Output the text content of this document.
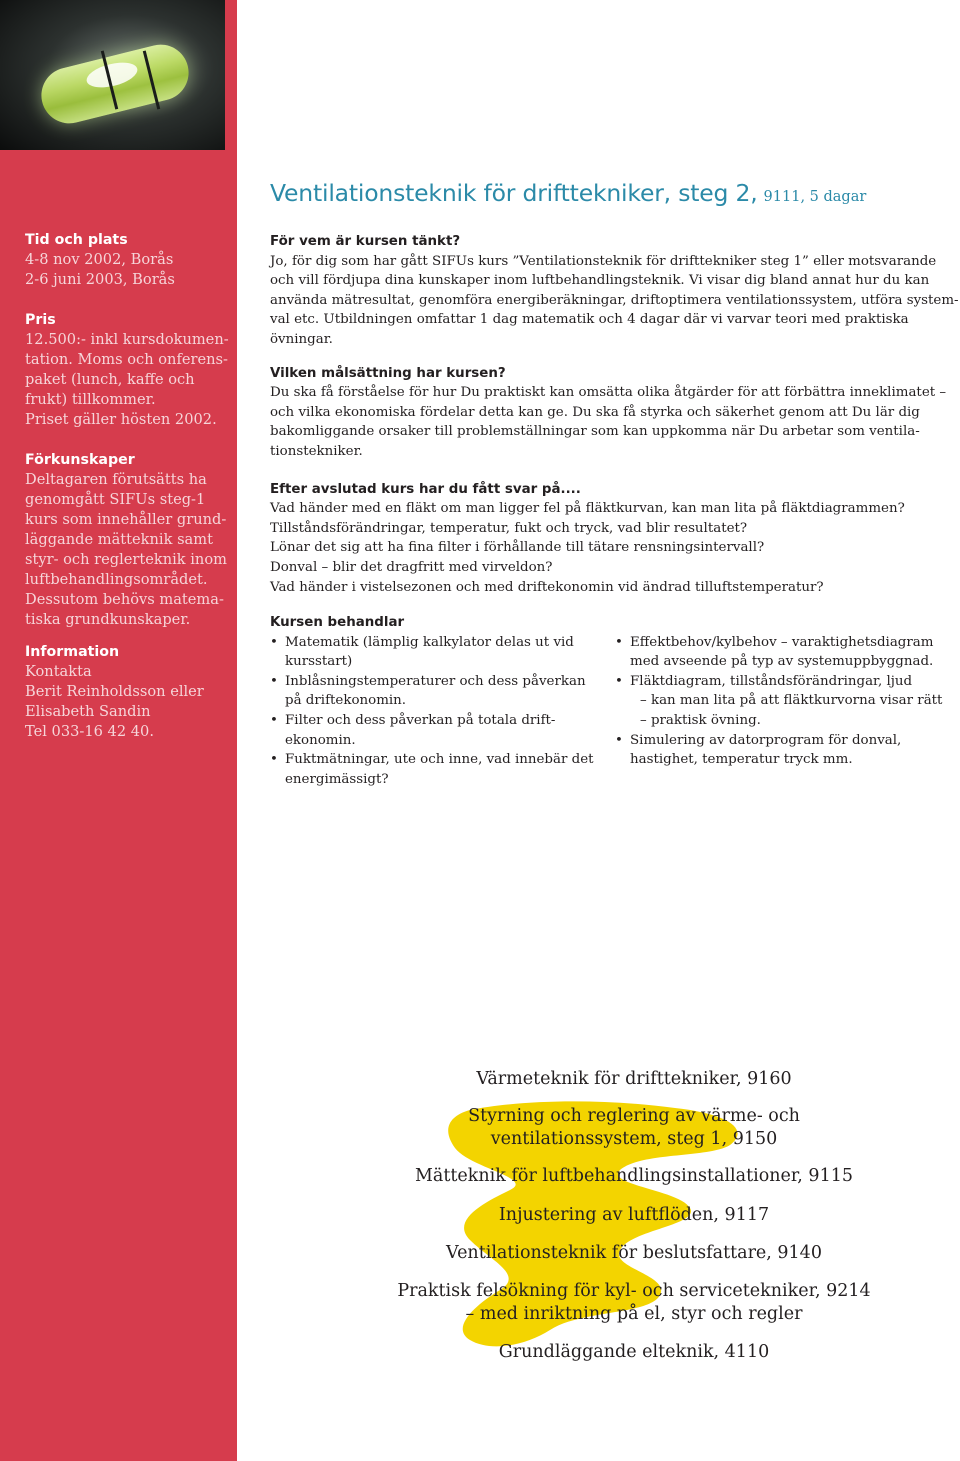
Tid och plats
4-8 nov 2002, Borås
2-6 juni 2003, Borås
Pris
12.500:- inkl kursdokumen-
tation. Moms och onferens-
paket (lunch, kaffe och
frukt) tillkommer.
Priset gäller hösten 2002.
Förkunskaper
Deltagaren förutsätts ha
genomgått SIFUs steg-1
kurs som innehåller grund-
läggande mätteknik samt
styr- och reglerteknik inom
luftbehandlingsområdet.
Dessutom behövs matema-
tiska grundkunskaper.
Information
Kontakta
Berit Reinholdsson eller
Elisabeth Sandin
Tel 033-16 42 40.
Ventilationsteknik för drifttekniker, steg 2, 9111, 5 dagar
För vem är kursen tänkt?
Jo, för dig som har gått SIFUs kurs ”Ventilationsteknik för drifttekniker steg 1” eller motsvarande
och vill fördjupa dina kunskaper inom luftbehandlingsteknik. Vi visar dig bland annat hur du kan
använda mätresultat, genomföra energiberäkningar, driftoptimera ventilationssystem, utföra system-
val etc. Utbildningen omfattar 1 dag matematik och 4 dagar där vi varvar teori med praktiska övningar.
Vilken målsättning har kursen?
Du ska få förståelse för hur Du praktiskt kan omsätta olika åtgärder för att förbättra inneklimatet –
och vilka ekonomiska fördelar detta kan ge. Du ska få styrka och säkerhet genom att Du lär dig
bakomliggande orsaker till problemställningar som kan uppkomma när Du arbetar som ventila-
tionstekniker.
Efter avslutad kurs har du fått svar på....
Vad händer med en fläkt om man ligger fel på fläktkurvan, kan man lita på fläktdiagrammen?
Tillståndsförändringar, temperatur, fukt och tryck, vad blir resultatet?
Lönar det sig att ha fina filter i förhållande till tätare rensningsintervall?
Donval – blir det dragfritt med virveldon?
Vad händer i vistelsezonen och med driftekonomin vid ändrad tilluftstemperatur?
Kursen behandlar
• Matematik (lämplig kalkylator delas ut vid
kursstart)
• Inblåsningstemperaturer och dess påverkan
på driftekonomin.
• Filter och dess påverkan på totala drift-
ekonomin.
• Fuktmätningar, ute och inne, vad innebär det
energimässigt?
• Effektbehov/kylbehov – varaktighetsdiagram
med avseende på typ av systemuppbyggnad.
• Fläktdiagram, tillståndsförändringar, ljud
– kan man lita på att fläktkurvorna visar rätt
– praktisk övning.
• Simulering av datorprogram för donval,
hastighet, temperatur tryck mm.
Värmeteknik för drifttekniker, 9160
Styrning och reglering av värme- och
ventilationssystem, steg 1, 9150
Mätteknik för luftbehandlingsinstallationer, 9115
Injustering av luftflöden, 9117
Ventilationsteknik för beslutsfattare, 9140
Praktisk felsökning för kyl- och servicetekniker, 9214
– med inriktning på el, styr och regler
Grundläggande elteknik, 4110
